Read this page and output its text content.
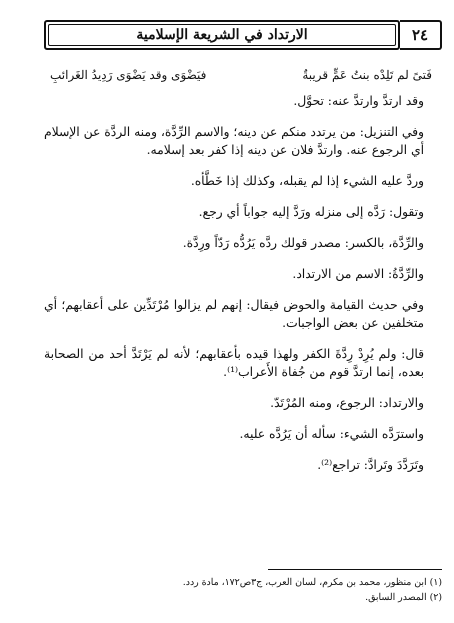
الارتداد في الشريعة الإسلامية	٢٤
فَتىً لم تَلِدْه بنتُ عَمٍّ قريبةٌ
فيَضْوَى وقد يَضْوَى رَدِيدُ الغَرائبِ

وقد ارتدَّ وارتدَّ عنه: تحوَّل.

وفي التنزيل: من يرتدد منكم عن دينه؛ والاسم الرِّدَّة، ومنه الردَّة عن الإسلام أي الرجوع عنه. وارتدَّ فلان عن دينه إذا كفر بعد إسلامه.

وردَّ عليه الشيء إذا لم يقبله، وكذلك إذا خَطَّأه.

وتقول: رَدَّه إلى منزله ورَدَّ إليه جواباً أي رجع.

والرِّدَّة، بالكسر: مصدر قولك ردَّه يَرُدُّه رَدّاً ورِدَّة.

والرِّدَّةُ: الاسم من الارتداد.

وفي حديث القيامة والحوض فيقال: إنهم لم يزالوا مُرْتَدِّين على أعقابهم؛ أي متخلفين عن بعض الواجبات.

قال: ولم يُرِدْ رِدَّةَ الكفر ولهذا قيده بأعقابهم؛ لأنه لم يَرْتَدَّ أحد من الصحابة بعده، إنما ارتدَّ قوم من جُفاة الأَعراب⁽¹⁾.

والارتداد: الرجوع، ومنه المُرْتَدّ.

واسترَدَّه الشيء: سأله أن يَرُدَّه عليه.

وتَرَدَّدَ وتَرادَّ: تراجع⁽²⁾.

(١) ابن منظور، محمد بن مكرم، لسان العرب، ج٣ص١٧٢، مادة ردد.
(٢) المصدر السابق.
